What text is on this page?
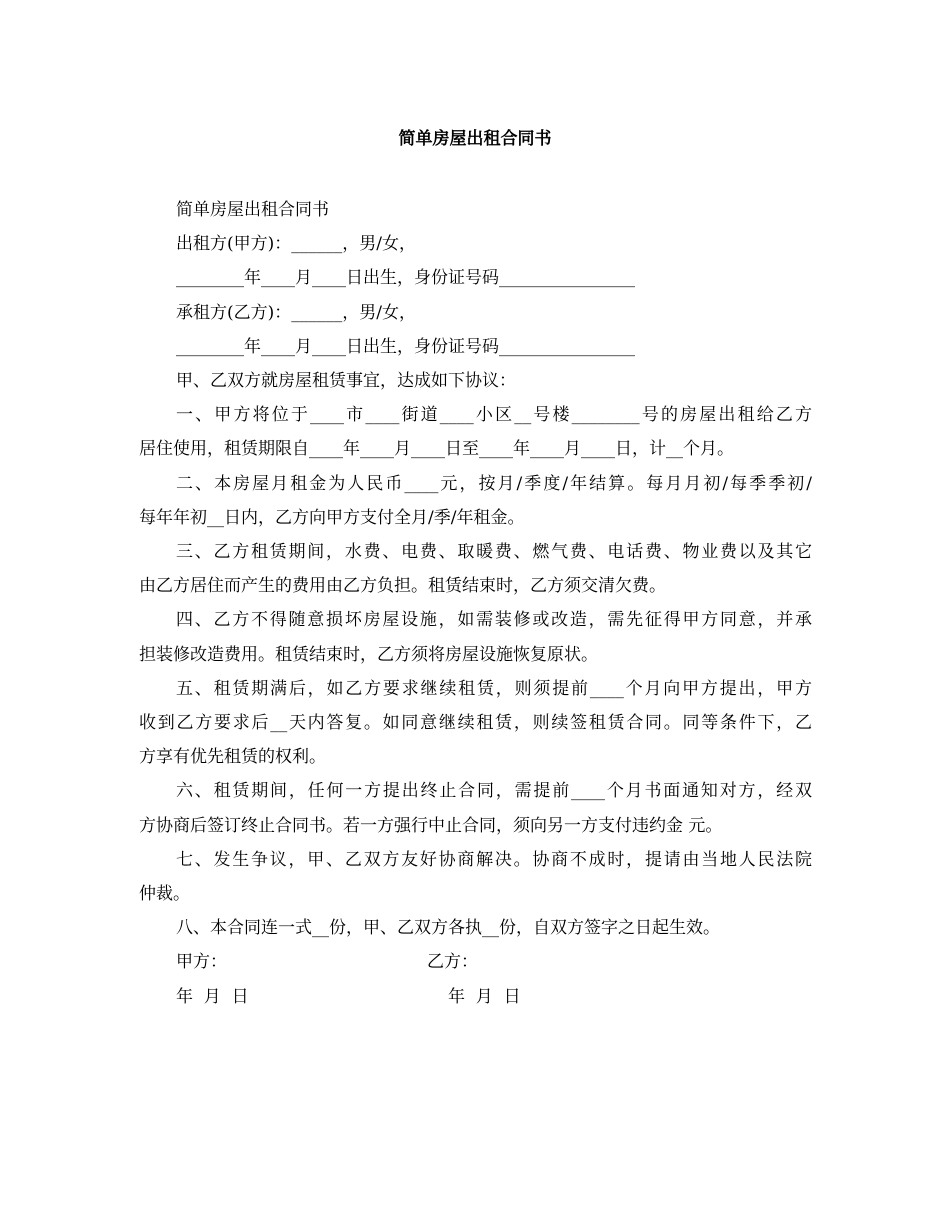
简单房屋出租合同书

简单房屋出租合同书

出租方(甲方)：______，男/女，

________年____月____日出生，身份证号码________________

承租方(乙方)：______，男/女，

________年____月____日出生，身份证号码________________

甲、乙双方就房屋租赁事宜，达成如下协议：

一、甲方将位于____市____街道____小区__号楼________号的房屋出租给乙方

居住使用，租赁期限自____年____月____日至____年____月____日，计__个月。

二、本房屋月租金为人民币____元，按月/季度/年结算。每月月初/每季季初/

每年年初__日内，乙方向甲方支付全月/季/年租金。

三、乙方租赁期间，水费、电费、取暖费、燃气费、电话费、物业费以及其它

由乙方居住而产生的费用由乙方负担。租赁结束时，乙方须交清欠费。

四、乙方不得随意损坏房屋设施，如需装修或改造，需先征得甲方同意，并承

担装修改造费用。租赁结束时，乙方须将房屋设施恢复原状。

五、租赁期满后，如乙方要求继续租赁，则须提前____个月向甲方提出，甲方

收到乙方要求后__天内答复。如同意继续租赁，则续签租赁合同。同等条件下，乙

方享有优先租赁的权利。

六、租赁期间，任何一方提出终止合同，需提前____个月书面通知对方，经双

方协商后签订终止合同书。若一方强行中止合同，须向另一方支付违约金 元。

七、发生争议，甲、乙双方友好协商解决。协商不成时，提请由当地人民法院

仲裁。

八、本合同连一式__份，甲、乙双方各执__份，自双方签字之日起生效。

甲方：	乙方：
年  月  日	年  月  日
